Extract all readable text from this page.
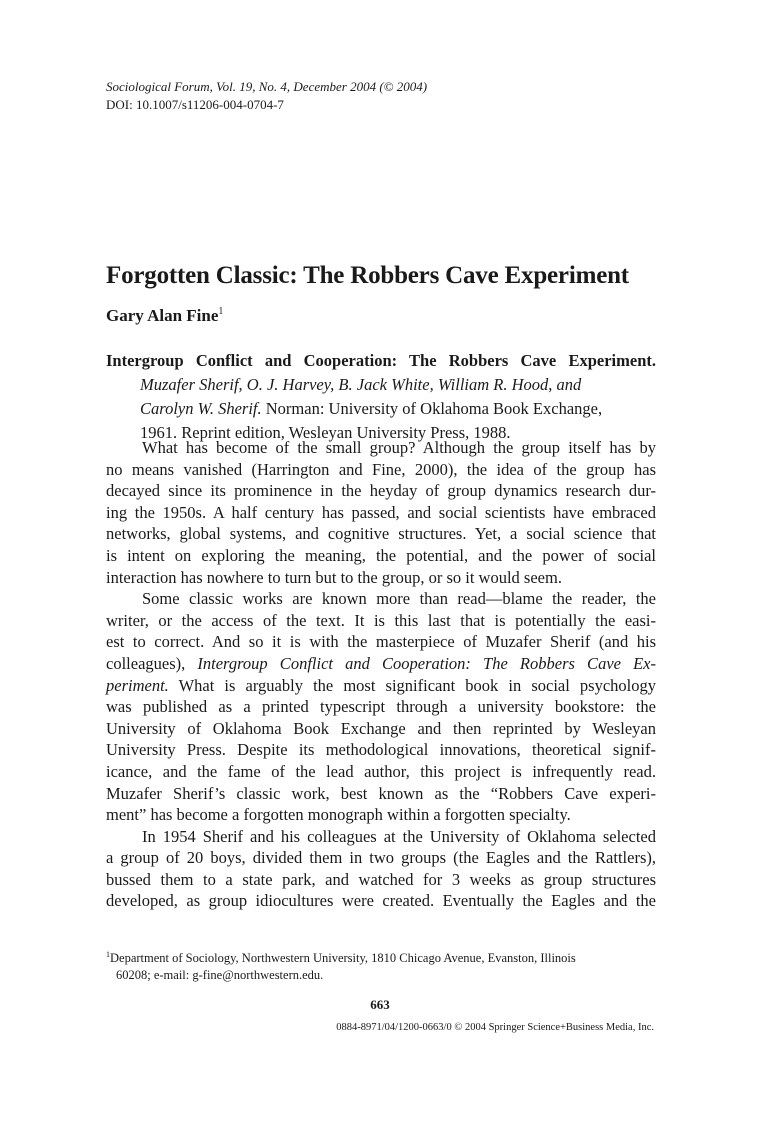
Sociological Forum, Vol. 19, No. 4, December 2004 (© 2004)
DOI: 10.1007/s11206-004-0704-7
Forgotten Classic: The Robbers Cave Experiment
Gary Alan Fine$^1$
Intergroup Conflict and Cooperation: The Robbers Cave Experiment.
Muzafer Sherif, O. J. Harvey, B. Jack White, William R. Hood, and
Carolyn W. Sherif. Norman: University of Oklahoma Book Exchange,
1961. Reprint edition, Wesleyan University Press, 1988.
What has become of the small group? Although the group itself has by
no means vanished (Harrington and Fine, 2000), the idea of the group has
decayed since its prominence in the heyday of group dynamics research dur-
ing the 1950s. A half century has passed, and social scientists have embraced
networks, global systems, and cognitive structures. Yet, a social science that
is intent on exploring the meaning, the potential, and the power of social
interaction has nowhere to turn but to the group, or so it would seem.
Some classic works are known more than read—blame the reader, the
writer, or the access of the text. It is this last that is potentially the easi-
est to correct. And so it is with the masterpiece of Muzafer Sherif (and his
colleagues), Intergroup Conflict and Cooperation: The Robbers Cave Ex-
periment. What is arguably the most significant book in social psychology
was published as a printed typescript through a university bookstore: the
University of Oklahoma Book Exchange and then reprinted by Wesleyan
University Press. Despite its methodological innovations, theoretical signif-
icance, and the fame of the lead author, this project is infrequently read.
Muzafer Sherif’s classic work, best known as the “Robbers Cave experi-
ment” has become a forgotten monograph within a forgotten specialty.
In 1954 Sherif and his colleagues at the University of Oklahoma selected
a group of 20 boys, divided them in two groups (the Eagles and the Rattlers),
bussed them to a state park, and watched for 3 weeks as group structures
developed, as group idiocultures were created. Eventually the Eagles and the
$^1$Department of Sociology, Northwestern University, 1810 Chicago Avenue, Evanston, Illinois
60208; e-mail: g-fine@northwestern.edu.
663
0884-8971/04/1200-0663/0 © 2004 Springer Science+Business Media, Inc.
